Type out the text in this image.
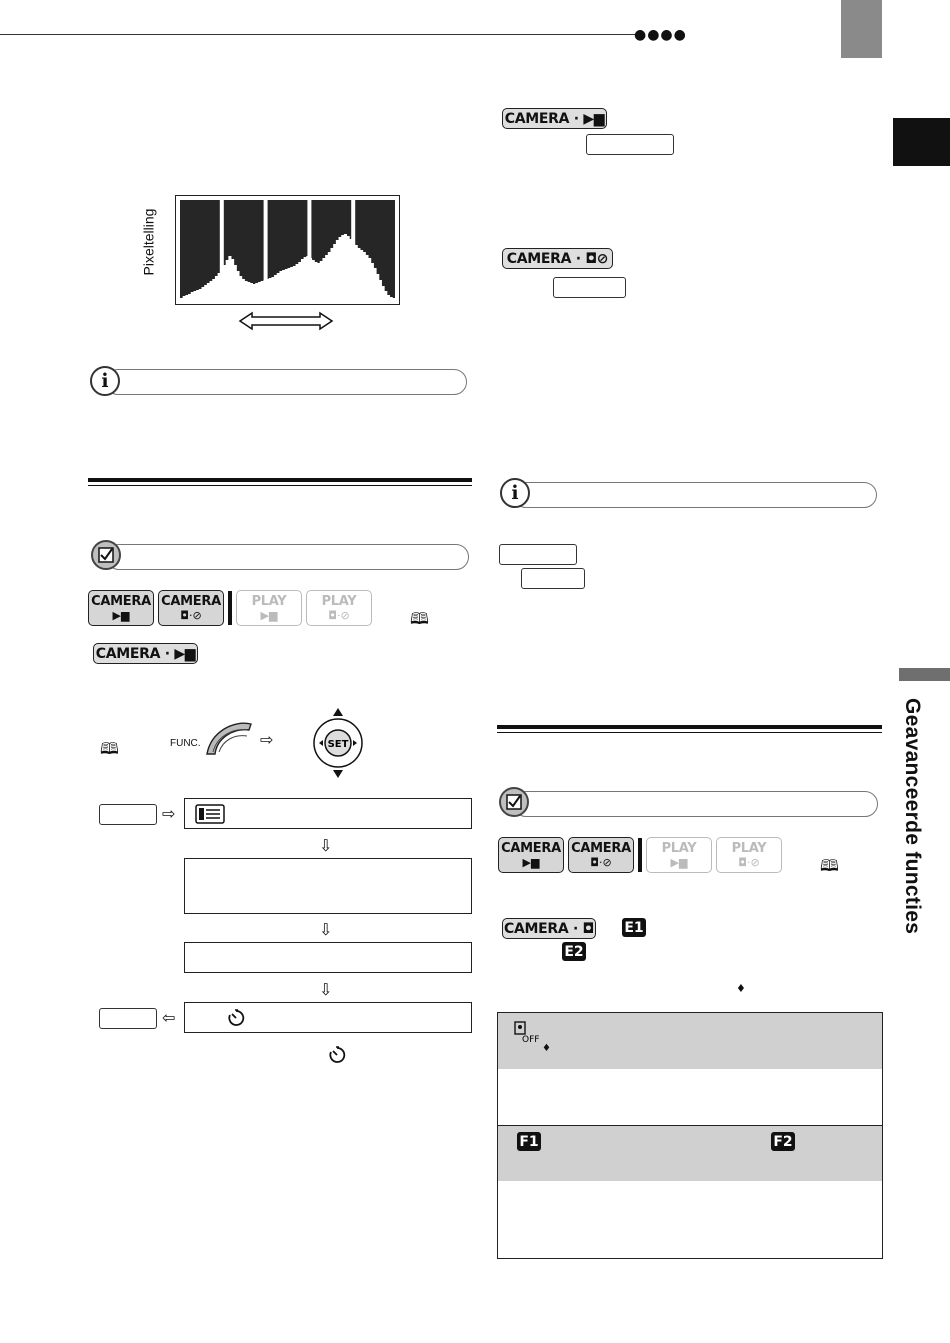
●●●●
Geavanceerde functies
Pixeltelling
i
CAMERA
▶▆
CAMERA
◘·⊘
PLAY
▶▆
PLAY
◘·⊘	🕮
CAMERA · ▶▆
🕮	FUNC.	⇨	SET
⇨
⇩
⇩
⇩
⇦
CAMERA · ▶▆
CAMERA · ◘⊘
i
CAMERA
▶▆
CAMERA
◘·⊘
PLAY
▶▆
PLAY
◘·⊘	🕮
CAMERA · ◘ E1
E2
♦
OFF
♦
F1	F2
